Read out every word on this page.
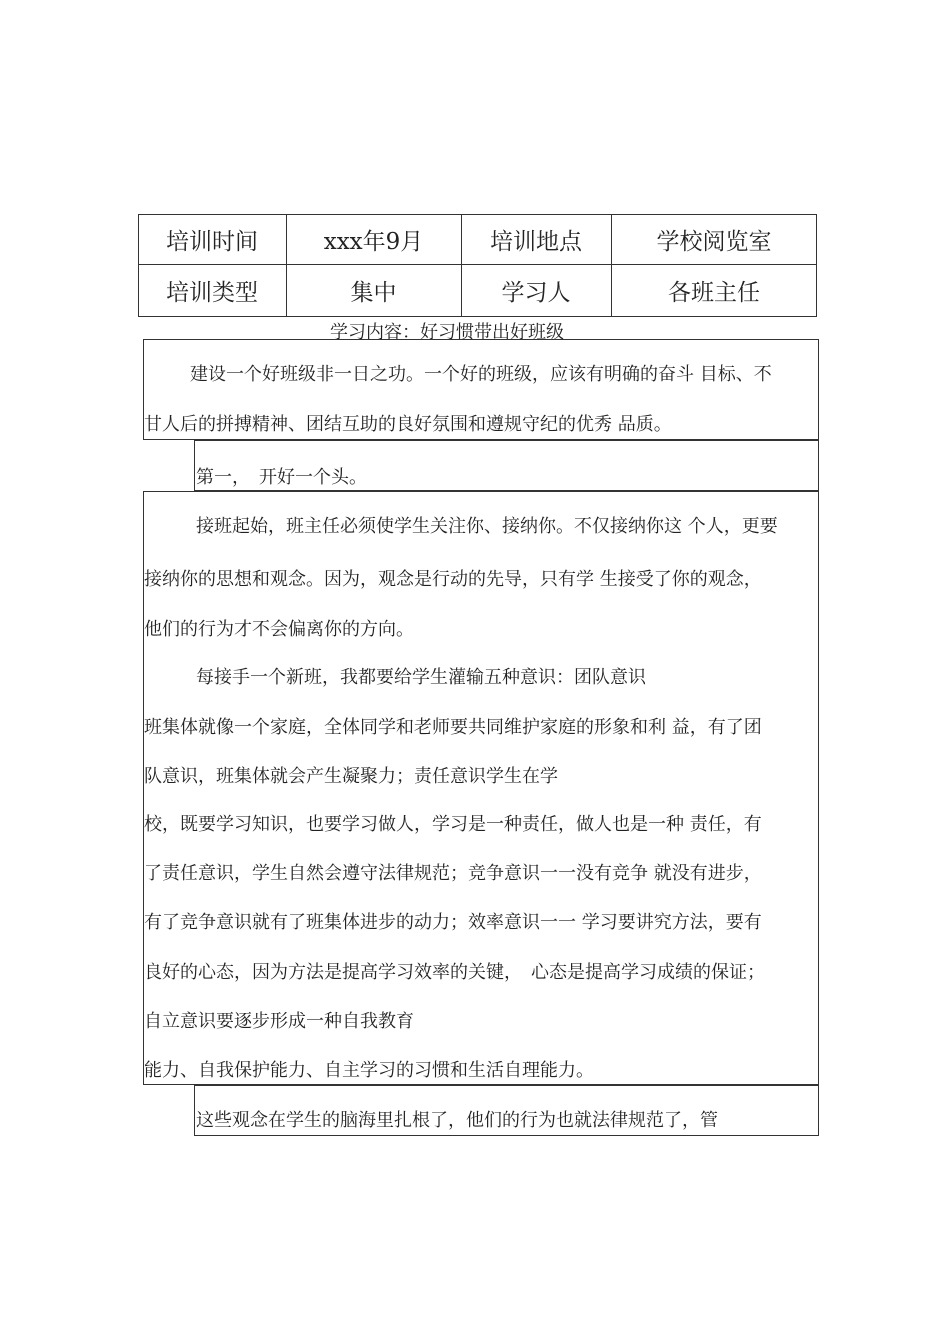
培训时间	xxx年9月	培训地点	学校阅览室
培训类型	集中	学习人	各班主任
学习内容：好习惯带出好班级
建设一个好班级非一日之功。一个好的班级，应该有明确的奋斗 目标、不
甘人后的拼搏精神、团结互助的良好氛围和遵规守纪的优秀 品质。
第一，　开好一个头。
接班起始，班主任必须使学生关注你、接纳你。不仅接纳你这 个人，更要
接纳你的思想和观念。因为，观念是行动的先导，只有学 生接受了你的观念，
他们的行为才不会偏离你的方向。
每接手一个新班，我都要给学生灌输五种意识：团队意识
班集体就像一个家庭，全体同学和老师要共同维护家庭的形象和利 益，有了团
队意识，班集体就会产生凝聚力；责任意识学生在学
校，既要学习知识，也要学习做人，学习是一种责任，做人也是一种 责任，有
了责任意识，学生自然会遵守法律规范；竞争意识一一没有竞争 就没有进步，
有了竞争意识就有了班集体进步的动力；效率意识一一 学习要讲究方法，要有
良好的心态，因为方法是提高学习效率的关键，　心态是提高学习成绩的保证；
自立意识要逐步形成一种自我教育
能力、自我保护能力、自主学习的习惯和生活自理能力。
这些观念在学生的脑海里扎根了，他们的行为也就法律规范了，管
